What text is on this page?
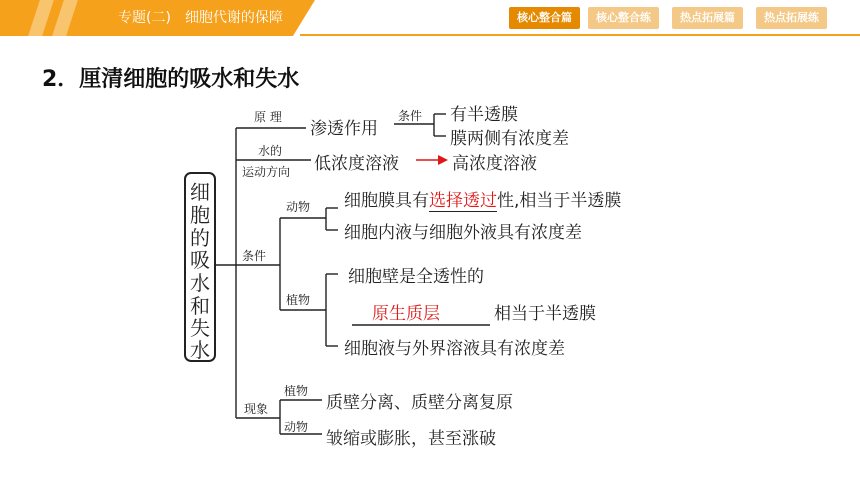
专题(二) 细胞代谢的保障	核心整合篇	核心整合练	热点拓展篇	热点拓展练
2．厘清细胞的吸水和失水
细
胞
的
吸
水
和
失
水
原 理
渗透作用
条件 有半透膜
膜两侧有浓度差
水的
运动方向 低浓度溶液	高浓度溶液
条件
动物 细胞膜具有选择透过性,相当于半透膜
细胞内液与细胞外液具有浓度差
植物
细胞壁是全透性的
原生质层	相当于半透膜
细胞液与外界溶液具有浓度差
现象
植物
质壁分离、质壁分离复原
动物
皱缩或膨胀，甚至涨破
